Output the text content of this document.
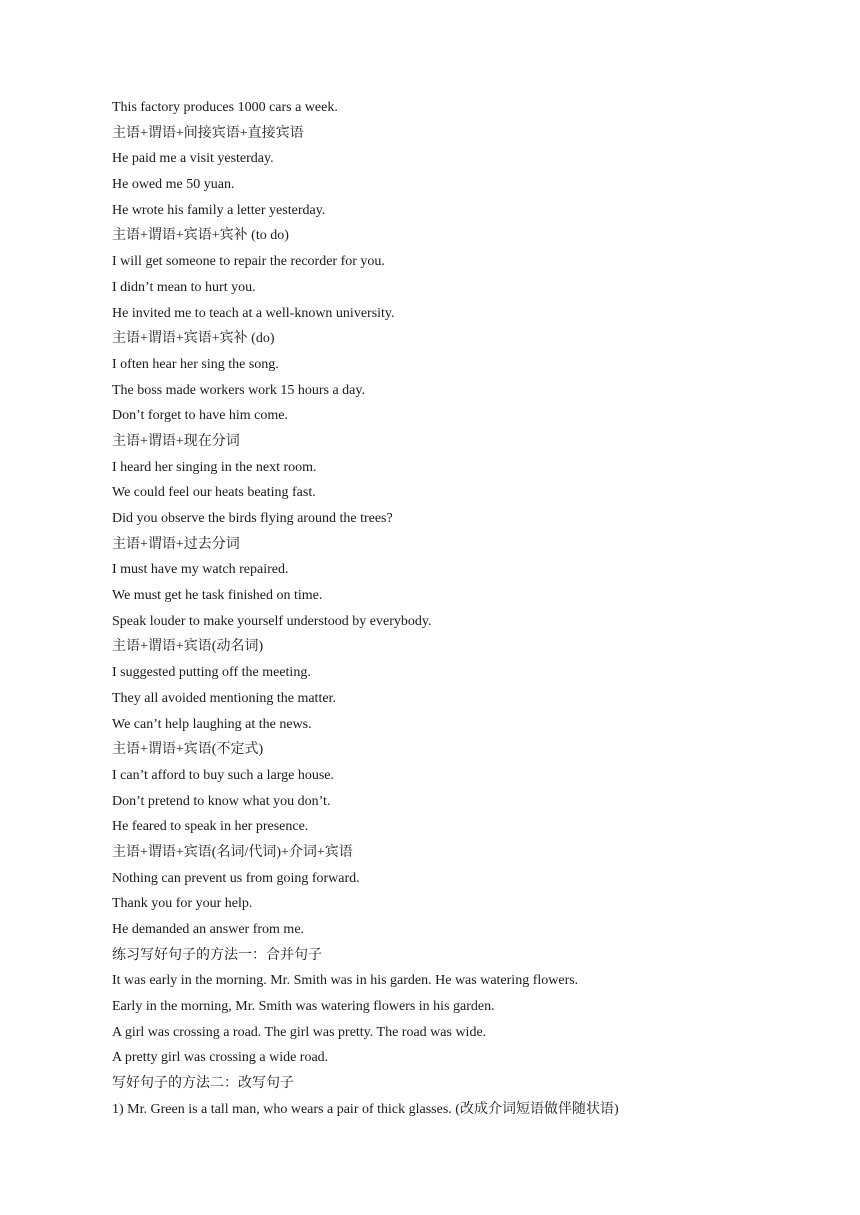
This factory produces 1000 cars a week.
主语+谓语+间接宾语+直接宾语
He paid me a visit yesterday.
He owed me 50 yuan.
He wrote his family a letter yesterday.
主语+谓语+宾语+宾补 (to do)
I will get someone to repair the recorder for you.
I didn’t mean to hurt you.
He invited me to teach at a well-known university.
主语+谓语+宾语+宾补 (do)
I often hear her sing the song.
The boss made workers work 15 hours a day.
Don’t forget to have him come.
主语+谓语+现在分词
I heard her singing in the next room.
We could feel our heats beating fast.
Did you observe the birds flying around the trees?
主语+谓语+过去分词
I must have my watch repaired.
We must get he task finished on time.
Speak louder to make yourself understood by everybody.
主语+谓语+宾语(动名词)
I suggested putting off the meeting.
They all avoided mentioning the matter.
We can’t help laughing at the news.
主语+谓语+宾语(不定式)
I can’t afford to buy such a large house.
Don’t pretend to know what you don’t.
He feared to speak in her presence.
主语+谓语+宾语(名词/代词)+介词+宾语
Nothing can prevent us from going forward.
Thank you for your help.
He demanded an answer from me.
练习写好句子的方法一：合并句子
It was early in the morning. Mr. Smith was in his garden. He was watering flowers.
Early in the morning, Mr. Smith was watering flowers in his garden.
A girl was crossing a road. The girl was pretty. The road was wide.
A pretty girl was crossing a wide road.
写好句子的方法二：改写句子
1) Mr. Green is a tall man, who wears a pair of thick glasses. (改成介词短语做伴随状语)
